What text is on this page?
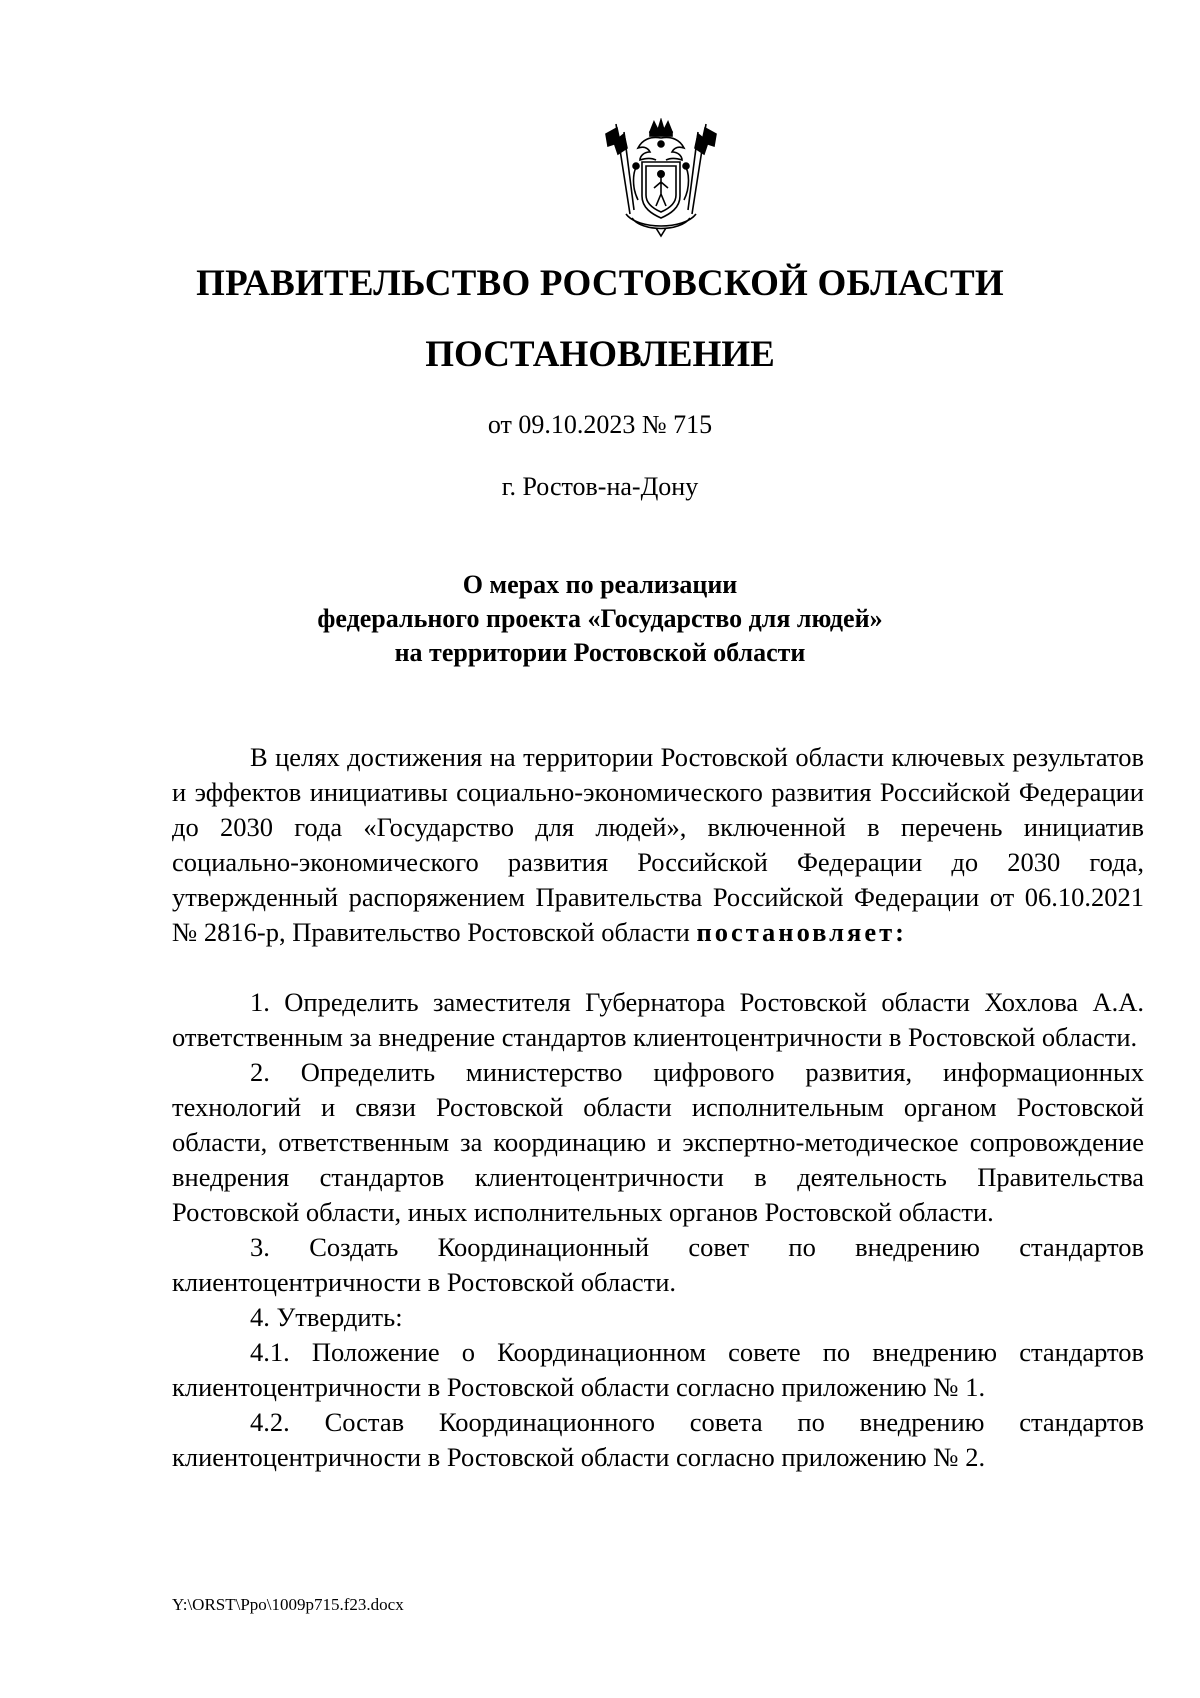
ПРАВИТЕЛЬСТВО РОСТОВСКОЙ ОБЛАСТИ
ПОСТАНОВЛЕНИЕ
от 09.10.2023 № 715
г. Ростов-на-Дону
О мерах по реализации
федерального проекта «Государство для людей»
на территории Ростовской области

В целях достижения на территории Ростовской области ключевых результатов и эффектов инициативы социально-экономического развития Российской Федерации до 2030 года «Государство для людей», включенной в перечень инициатив социально-экономического развития Российской Федерации до 2030 года, утвержденный распоряжением Правительства Российской Федерации от 06.10.2021 № 2816-р, Правительство Ростовской области постановляет:

1. Определить заместителя Губернатора Ростовской области Хохлова А.А. ответственным за внедрение стандартов клиентоцентричности в Ростовской области.

2. Определить министерство цифрового развития, информационных технологий и связи Ростовской области исполнительным органом Ростовской области, ответственным за координацию и экспертно-методическое сопровождение внедрения стандартов клиентоцентричности в деятельность Правительства Ростовской области, иных исполнительных органов Ростовской области.

3. Создать Координационный совет по внедрению стандартов клиентоцентричности в Ростовской области.

4. Утвердить:

4.1. Положение о Координационном совете по внедрению стандартов клиентоцентричности в Ростовской области согласно приложению № 1.

4.2. Состав Координационного совета по внедрению стандартов клиентоцентричности в Ростовской области согласно приложению № 2.

Y:\ORST\Ppo\1009p715.f23.docx
